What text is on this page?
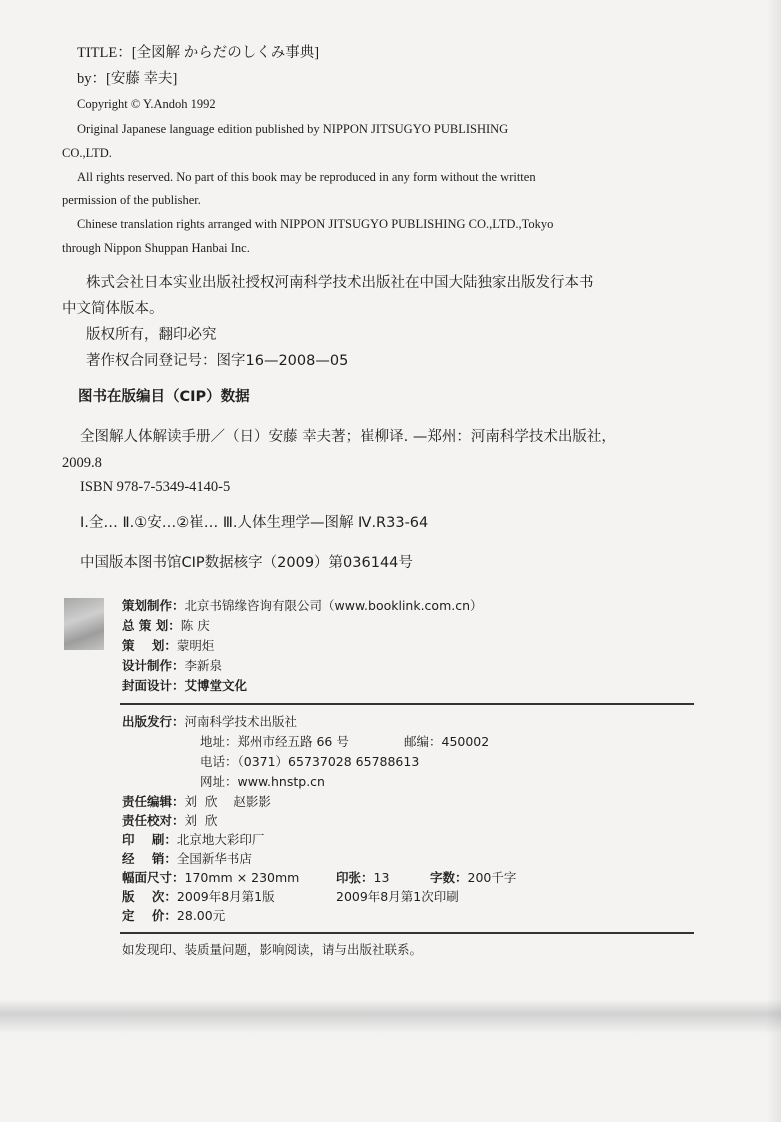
TITLE：[全図解 からだのしくみ事典]
by：[安藤 幸夫]
Copyright © Y.Andoh 1992
Original Japanese language edition published by NIPPON JITSUGYO PUBLISHING
CO.,LTD.
All rights reserved. No part of this book may be reproduced in any form without the written
permission of the publisher.
Chinese translation rights arranged with NIPPON JITSUGYO PUBLISHING CO.,LTD.,Tokyo
through Nippon Shuppan Hanbai Inc.
株式会社日本实业出版社授权河南科学技术出版社在中国大陆独家出版发行本书
中文简体版本。
版权所有，翻印必究
著作权合同登记号：图字16—2008—05
图书在版编目（CIP）数据
全图解人体解读手册／（日）安藤 幸夫著；崔柳译. —郑州：河南科学技术出版社，
2009.8
ISBN 978-7-5349-4140-5
Ⅰ.全… Ⅱ.①安…②崔… Ⅲ.人体生理学—图解 Ⅳ.R33-64
中国版本图书馆CIP数据核字（2009）第036144号
策划制作：北京书锦缘咨询有限公司（www.booklink.com.cn）
总 策 划：陈 庆
策    划：蒙明炬
设计制作：李新泉
封面设计：艾博堂文化
出版发行：河南科学技术出版社
地址：郑州市经五路 66 号	邮编：450002
电话：（0371）65737028 65788613
网址：www.hnstp.cn
责任编辑：刘  欣    赵影影
责任校对：刘  欣
印    刷：北京地大彩印厂
经    销：全国新华书店
幅面尺寸：170mm × 230mm	印张：13	字数：200千字
版    次：2009年8月第1版	2009年8月第1次印刷
定    价：28.00元
如发现印、装质量问题，影响阅读，请与出版社联系。
